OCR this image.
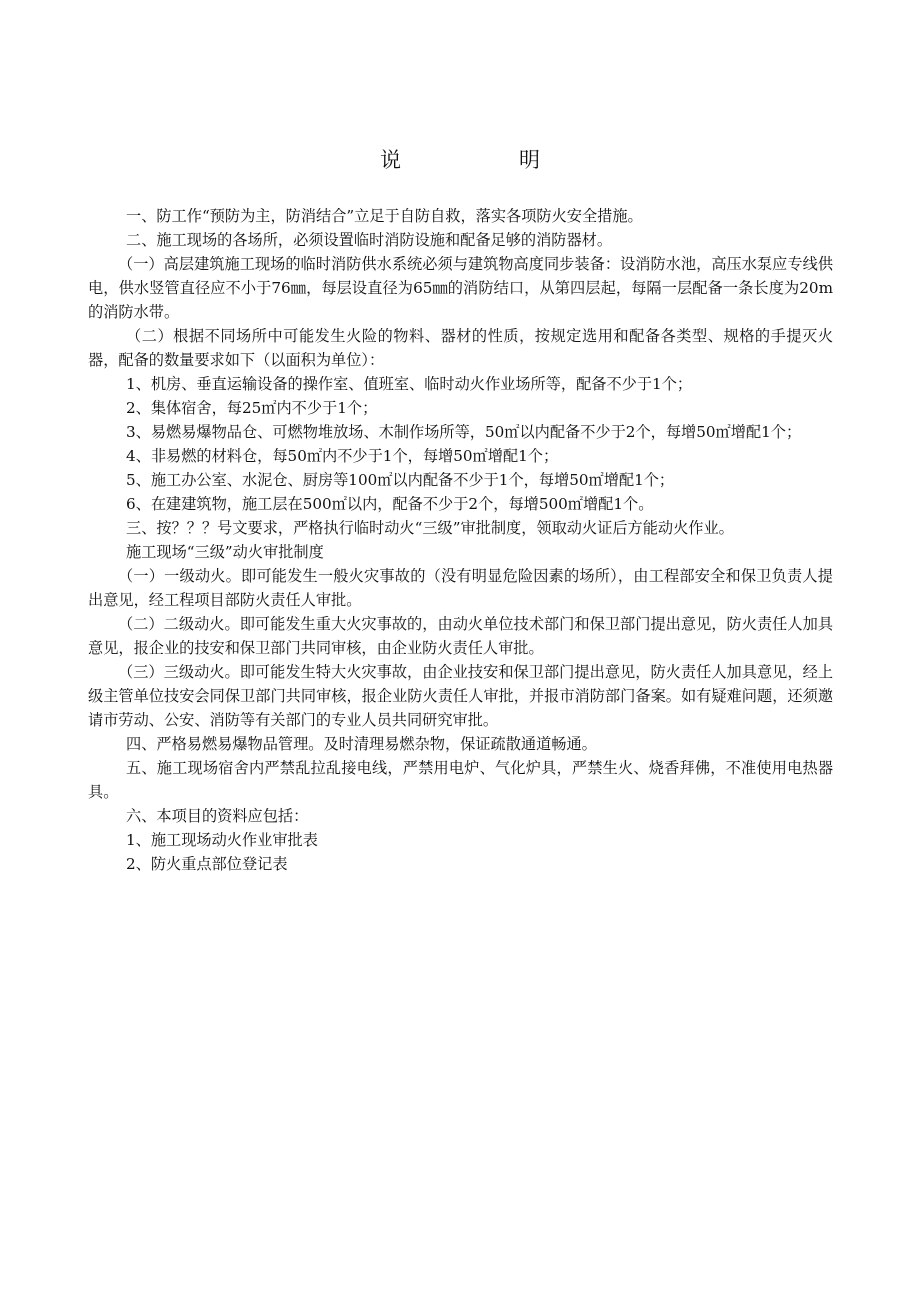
说明

一、防工作“预防为主，防消结合”立足于自防自救，落实各项防火安全措施。

二、施工现场的各场所，必须设置临时消防设施和配备足够的消防器材。

（一）高层建筑施工现场的临时消防供水系统必须与建筑物高度同步装备：设消防水池，高压水泵应专线供电，供水竖管直径应不小于76㎜，每层设直径为65㎜的消防结口，从第四层起，每隔一层配备一条长度为20m的消防水带。

（二）根据不同场所中可能发生火险的物料、器材的性质，按规定选用和配备各类型、规格的手提灭火器，配备的数量要求如下（以面积为单位）：

1、机房、垂直运输设备的操作室、值班室、临时动火作业场所等，配备不少于1个；

2、集体宿舍，每25㎡内不少于1个；

3、易燃易爆物品仓、可燃物堆放场、木制作场所等，50㎡以内配备不少于2个，每增50㎡增配1个；

4、非易燃的材料仓，每50㎡内不少于1个，每增50㎡增配1个；

5、施工办公室、水泥仓、厨房等100㎡以内配备不少于1个，每增50㎡增配1个；

6、在建建筑物，施工层在500㎡以内，配备不少于2个，每增500㎡增配1个。

三、按？？？号文要求，严格执行临时动火“三级”审批制度，领取动火证后方能动火作业。

施工现场“三级”动火审批制度

（一）一级动火。即可能发生一般火灾事故的（没有明显危险因素的场所），由工程部安全和保卫负责人提出意见，经工程项目部防火责任人审批。

（二）二级动火。即可能发生重大火灾事故的，由动火单位技术部门和保卫部门提出意见，防火责任人加具意见，报企业的技安和保卫部门共同审核，由企业防火责任人审批。

（三）三级动火。即可能发生特大火灾事故，由企业技安和保卫部门提出意见，防火责任人加具意见，经上级主管单位技安会同保卫部门共同审核，报企业防火责任人审批，并报市消防部门备案。如有疑难问题，还须邀请市劳动、公安、消防等有关部门的专业人员共同研究审批。

四、严格易燃易爆物品管理。及时清理易燃杂物，保证疏散通道畅通。

五、施工现场宿舍内严禁乱拉乱接电线，严禁用电炉、气化炉具，严禁生火、烧香拜佛，不准使用电热器具。

六、本项目的资料应包括：

1、施工现场动火作业审批表

2、防火重点部位登记表
